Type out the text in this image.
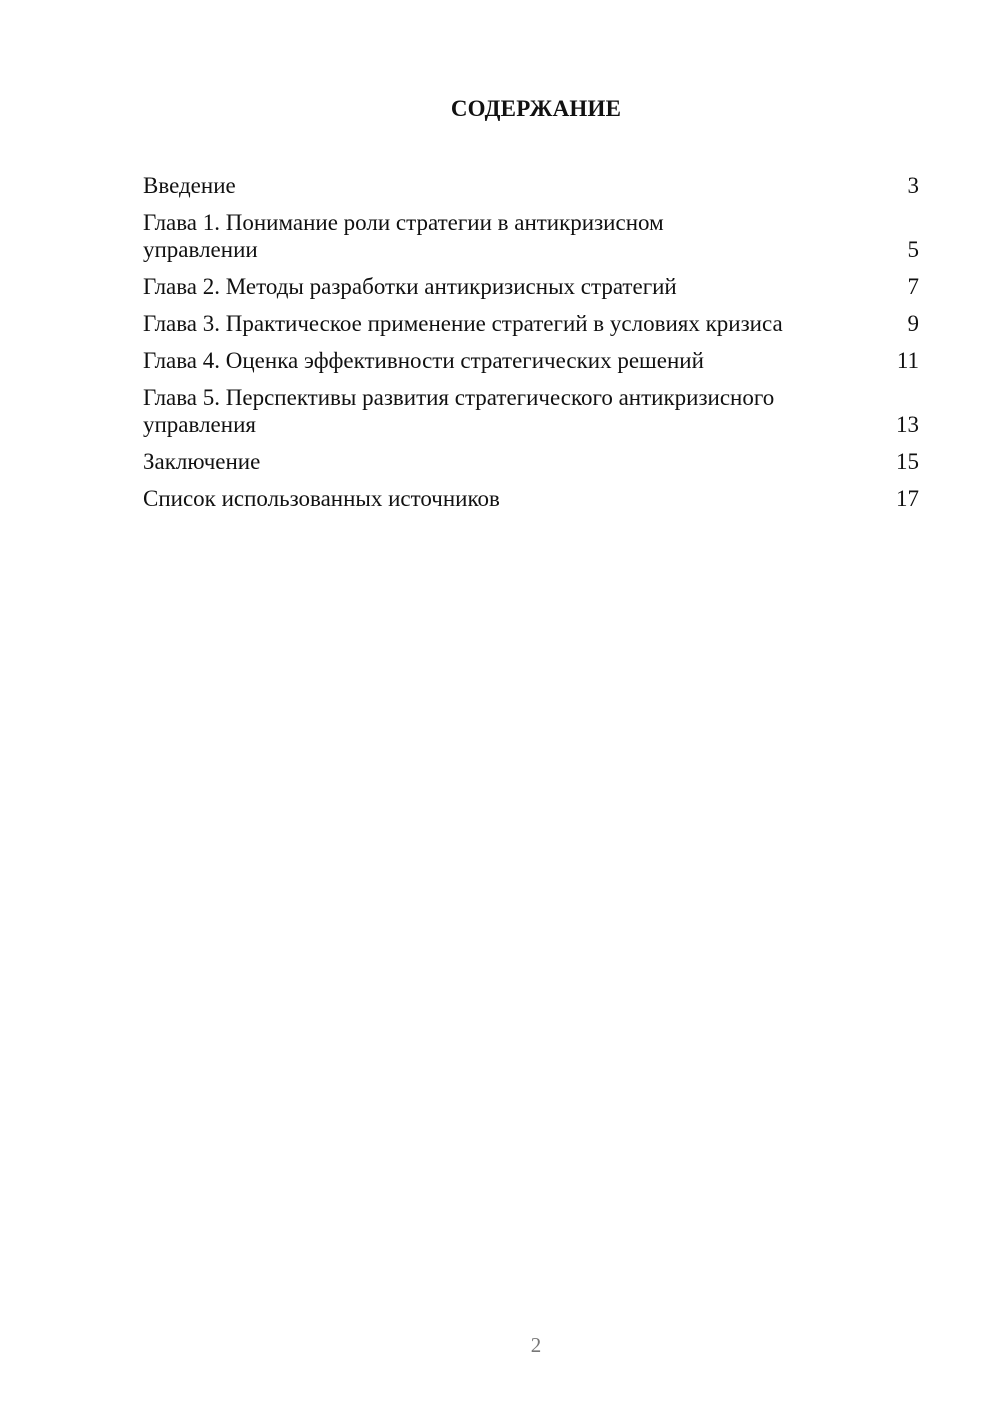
СОДЕРЖАНИЕ
Введение	3
Глава 1. Понимание роли стратегии в антикризисном управлении	5
Глава 2. Методы разработки антикризисных стратегий	7
Глава 3. Практическое применение стратегий в условиях кризиса	9
Глава 4. Оценка эффективности стратегических решений	11
Глава 5. Перспективы развития стратегического антикризисного управления	13
Заключение	15
Список использованных источников	17
2
